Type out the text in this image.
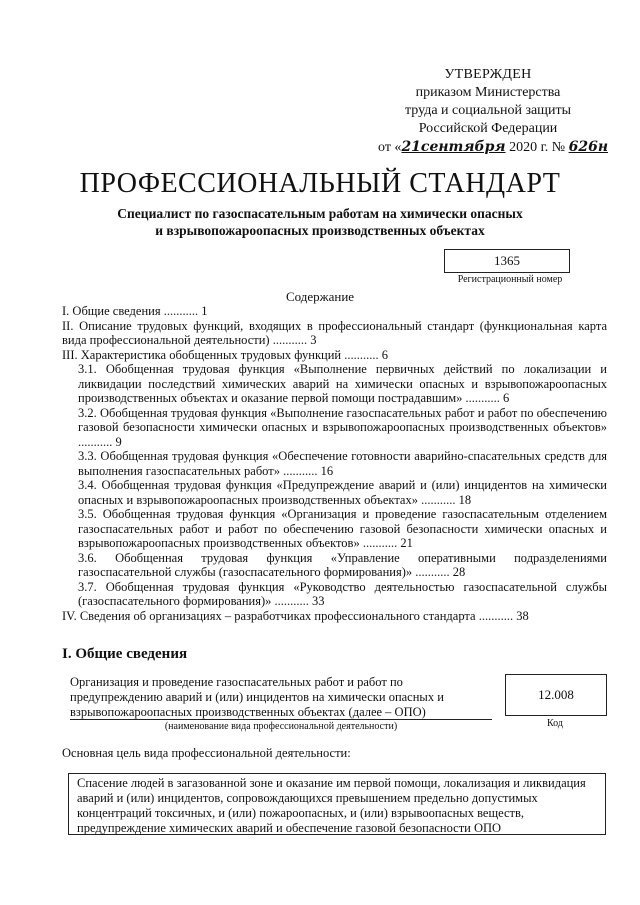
УТВЕРЖДЕН
приказом Министерства
труда и социальной защиты
Российской Федерации
от «21сентября 2020 г. № 626н
ПРОФЕССИОНАЛЬНЫЙ СТАНДАРТ
Специалист по газоспасательным работам на химически опасных
и взрывопожароопасных производственных объектах
1365
Регистрационный номер
Содержание

I. Общие сведения ........... 1

II. Описание трудовых функций, входящих в профессиональный стандарт (функциональная карта вида профессиональной деятельности) ........... 3

III. Характеристика обобщенных трудовых функций ........... 6

3.1. Обобщенная трудовая функция «Выполнение первичных действий по локализации и ликвидации последствий химических аварий на химически опасных и взрывопожароопасных производственных объектах и оказание первой помощи пострадавшим» ........... 6

3.2. Обобщенная трудовая функция «Выполнение газоспасательных работ и работ по обеспечению газовой безопасности химически опасных и взрывопожароопасных производственных объектов» ........... 9

3.3. Обобщенная трудовая функция «Обеспечение готовности аварийно-спасательных средств для выполнения газоспасательных работ» ........... 16

3.4. Обобщенная трудовая функция «Предупреждение аварий и (или) инцидентов на химически опасных и взрывопожароопасных производственных объектах» ........... 18

3.5. Обобщенная трудовая функция «Организация и проведение газоспасательным отделением газоспасательных работ и работ по обеспечению газовой безопасности химически опасных и взрывопожароопасных производственных объектов» ........... 21

3.6. Обобщенная трудовая функция «Управление оперативными подразделениями газоспасательной службы (газоспасательного формирования)» ........... 28

3.7. Обобщенная трудовая функция «Руководство деятельностью газоспасательной службы (газоспасательного формирования)» ........... 33

IV. Сведения об организациях – разработчиках профессионального стандарта ........... 38

I. Общие сведения
Организация и проведение газоспасательных работ и работ по предупреждению аварий и (или) инцидентов на химически опасных и взрывопожароопасных производственных объектах (далее – ОПО)
(наименование вида профессиональной деятельности)
12.008
Код
Основная цель вида профессиональной деятельности:
Спасение людей в загазованной зоне и оказание им первой помощи, локализация и ликвидация аварий и (или) инцидентов, сопровождающихся превышением предельно допустимых концентраций токсичных, и (или) пожароопасных, и (или) взрывоопасных веществ, предупреждение химических аварий и обеспечение газовой безопасности ОПО
